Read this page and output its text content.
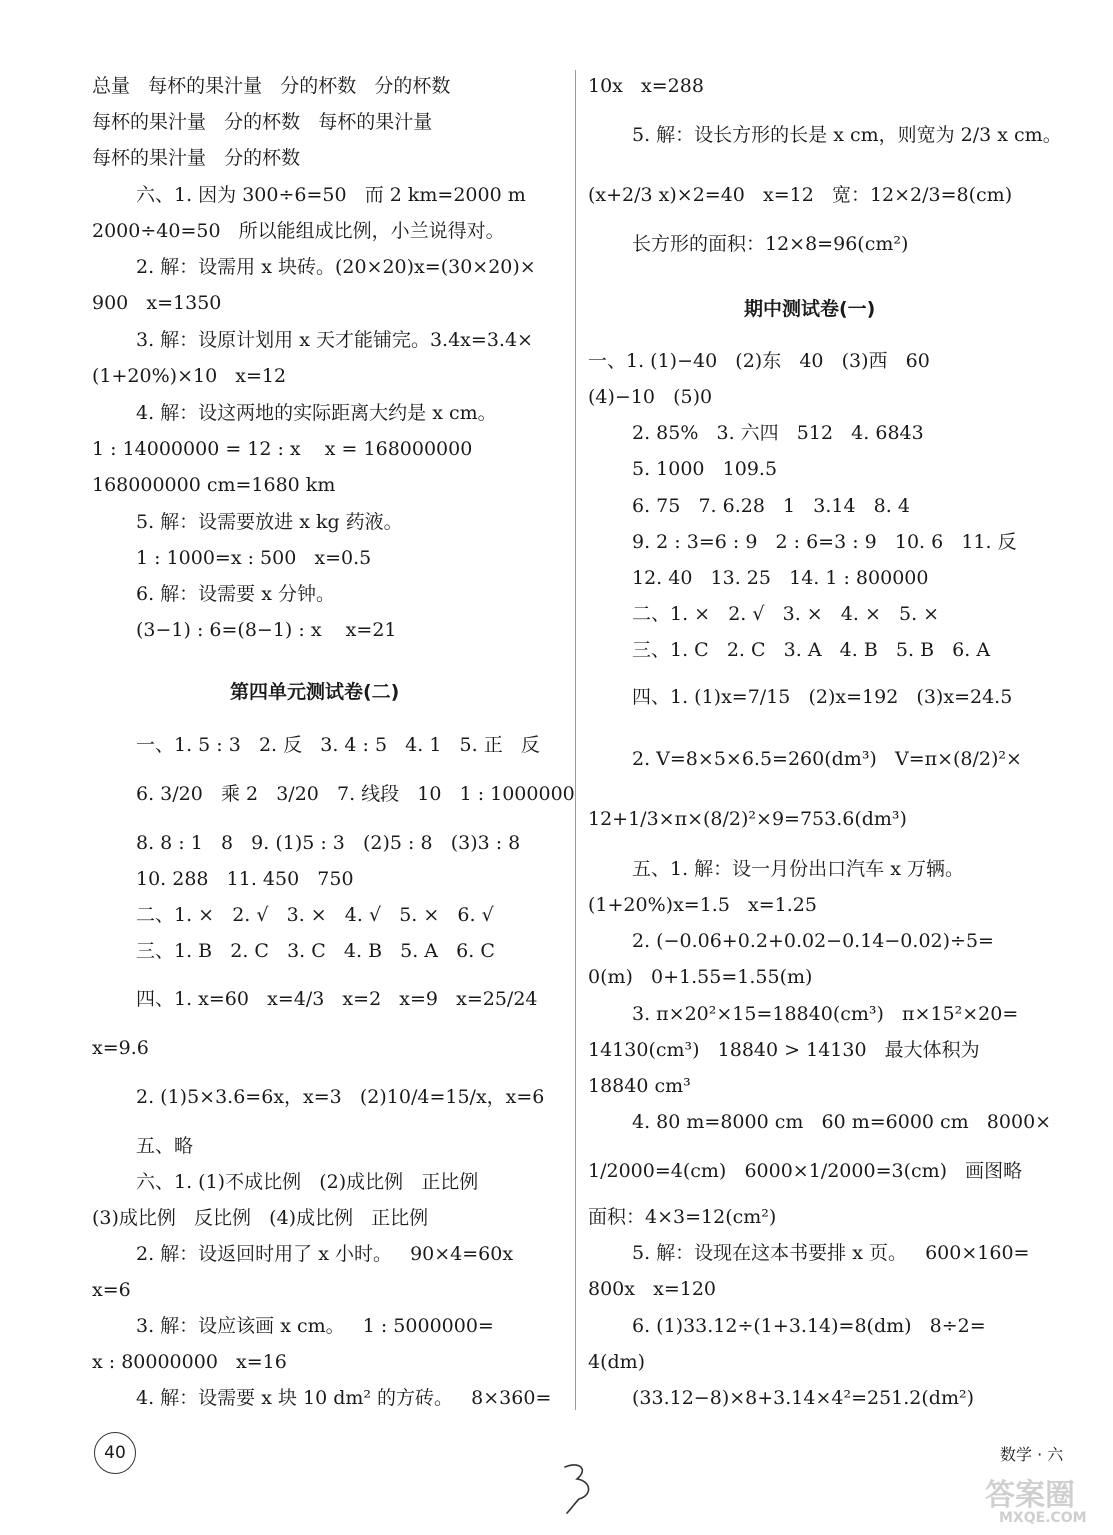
总量   每杯的果汁量   分的杯数   分的杯数
每杯的果汁量   分的杯数   每杯的果汁量
每杯的果汁量   分的杯数
六、1. 因为 300÷6=50   而 2 km=2000 m
2000÷40=50   所以能组成比例，小兰说得对。
2. 解：设需用 x 块砖。(20×20)x=(30×20)×
900   x=1350
3. 解：设原计划用 x 天才能铺完。3.4x=3.4×
(1+20%)×10   x=12
4. 解：设这两地的实际距离大约是 x cm。
1 : 14000000 = 12 : x    x = 168000000
168000000 cm=1680 km
5. 解：设需要放进 x kg 药液。
1 : 1000=x : 500   x=0.5
6. 解：设需要 x 分钟。
(3−1) : 6=(8−1) : x    x=21
第四单元测试卷(二)
一、1. 5 : 3   2. 反   3. 4 : 5   4. 1   5. 正   反
6. 3/20   乘 2   3/20   7. 线段   10   1 : 1000000
8. 8 : 1   8   9. (1)5 : 3   (2)5 : 8   (3)3 : 8
10. 288   11. 450   750
二、1. ×   2. √   3. ×   4. √   5. ×   6. √
三、1. B   2. C   3. C   4. B   5. A   6. C
四、1. x=60   x=4/3   x=2   x=9   x=25/24
x=9.6
2. (1)5×3.6=6x，x=3   (2)10/4=15/x，x=6
五、略
六、1. (1)不成比例   (2)成比例   正比例
(3)成比例   反比例   (4)成比例   正比例
2. 解：设返回时用了 x 小时。   90×4=60x
x=6
3. 解：设应该画 x cm。   1 : 5000000=
x : 80000000   x=16
4. 解：设需要 x 块 10 dm² 的方砖。   8×360=
10x   x=288
5. 解：设长方形的长是 x cm，则宽为 2/3 x cm。
(x+2/3 x)×2=40   x=12   宽：12×2/3=8(cm)
长方形的面积：12×8=96(cm²)
期中测试卷(一)
一、1. (1)−40   (2)东   40   (3)西   60
(4)−10   (5)0
2. 85%   3. 六四   512   4. 6843
5. 1000   109.5
6. 75   7. 6.28   1   3.14   8. 4
9. 2 : 3=6 : 9   2 : 6=3 : 9   10. 6   11. 反
12. 40   13. 25   14. 1 : 800000
二、1. ×   2. √   3. ×   4. ×   5. ×
三、1. C   2. C   3. A   4. B   5. B   6. A
四、1. (1)x=7/15   (2)x=192   (3)x=24.5
2. V=8×5×6.5=260(dm³)   V=π×(8/2)²×
12+1/3×π×(8/2)²×9=753.6(dm³)
五、1. 解：设一月份出口汽车 x 万辆。
(1+20%)x=1.5   x=1.25
2. (−0.06+0.2+0.02−0.14−0.02)÷5=
0(m)   0+1.55=1.55(m)
3. π×20²×15=18840(cm³)   π×15²×20=
14130(cm³)   18840 > 14130   最大体积为
18840 cm³
4. 80 m=8000 cm   60 m=6000 cm   8000×
1/2000=4(cm)   6000×1/2000=3(cm)   画图略
面积：4×3=12(cm²)
5. 解：设现在这本书要排 x 页。   600×160=
800x   x=120
6. (1)33.12÷(1+3.14)=8(dm)   8÷2=
4(dm)
(33.12−8)×8+3.14×4²=251.2(dm²)
40	数学 · 六
答案圈
MXQE.COM
